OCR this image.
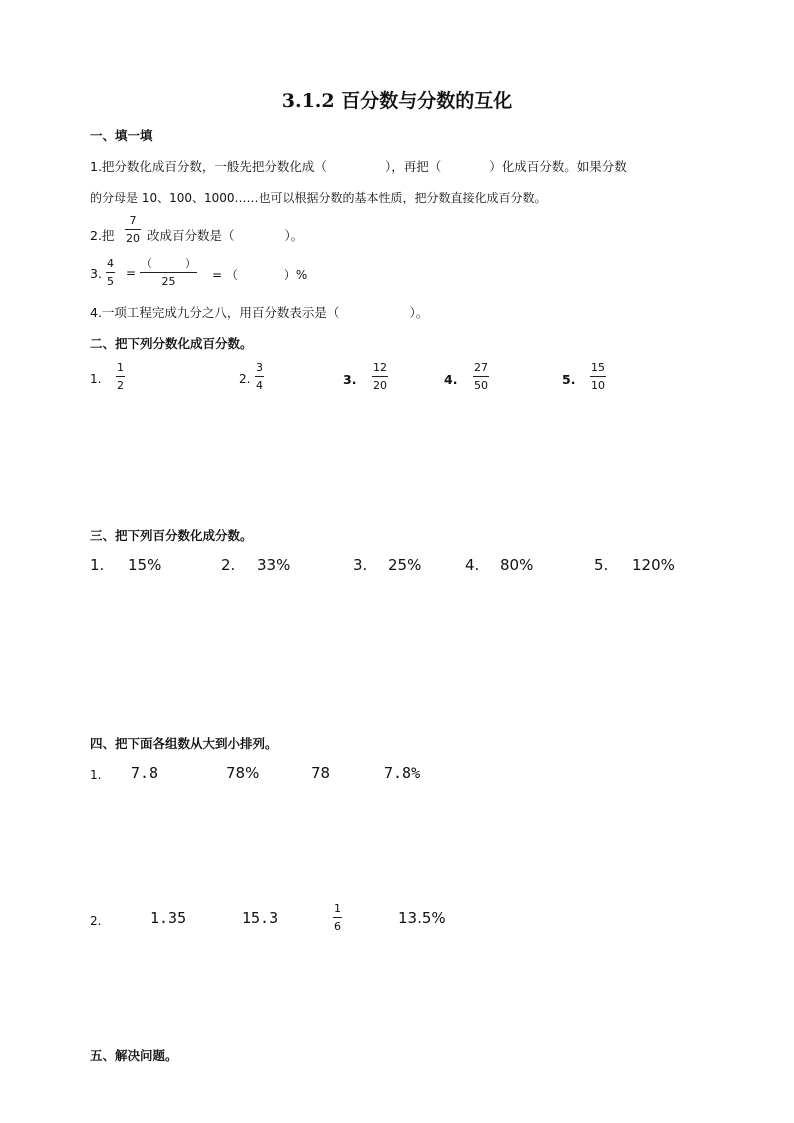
3.1.2 百分数与分数的互化
一、填一填
1.把分数化成百分数，一般先把分数化成（	），再把（	）化成百分数。如果分数
的分母是 10、100、1000……也可以根据分数的基本性质，把分数直接化成百分数。
2.把
7
20 改成百分数是（	）。
3.
4
5
=
（　　　）
25	= （	）%
4.一项工程完成九分之八，用百分数表示是（	）。
二、把下列分数化成百分数。
1.
1
2	2.
3
4	3.
12
20	4.
27
50	5.
15
10
三、把下列百分数化成分数。
1. 15%	2. 33%	3. 25%	4. 80%	5. 120%
四、把下面各组数从大到小排列。
1. 7.8	78%	78	7.8%
2.	1.35	15.3
1
6	13.5%
五、解决问题。
